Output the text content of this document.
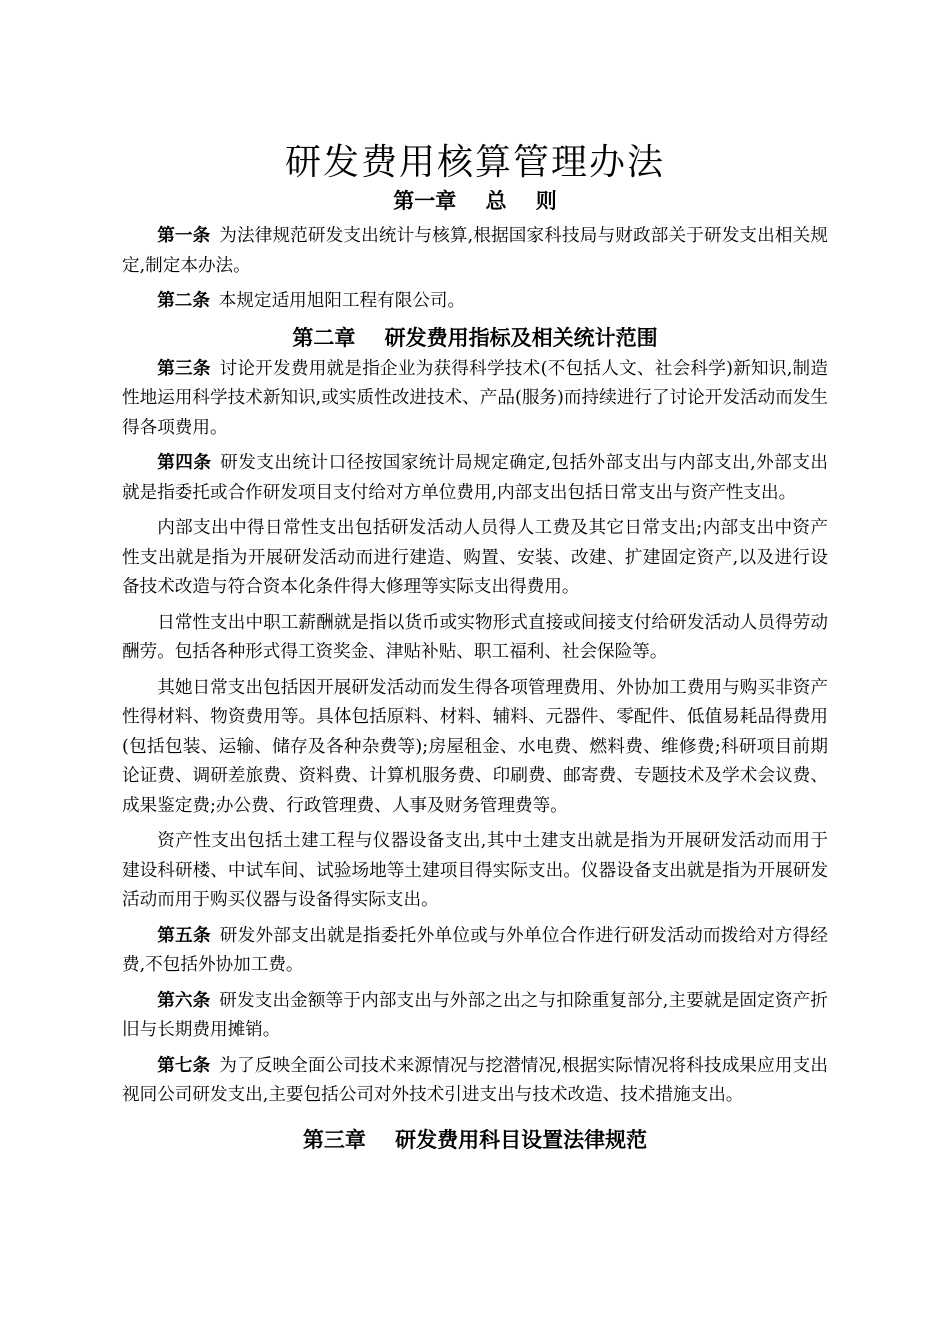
研发费用核算管理办法
第一章    总    则

第一条 为法律规范研发支出统计与核算,根据国家科技局与财政部关于研发支出相关规定,制定本办法。

第二条 本规定适用旭阳工程有限公司。

第二章    研发费用指标及相关统计范围

第三条 讨论开发费用就是指企业为获得科学技术(不包括人文、社会科学)新知识,制造性地运用科学技术新知识,或实质性改进技术、产品(服务)而持续进行了讨论开发活动而发生得各项费用。

第四条 研发支出统计口径按国家统计局规定确定,包括外部支出与内部支出,外部支出就是指委托或合作研发项目支付给对方单位费用,内部支出包括日常支出与资产性支出。

内部支出中得日常性支出包括研发活动人员得人工费及其它日常支出;内部支出中资产性支出就是指为开展研发活动而进行建造、购置、安装、改建、扩建固定资产,以及进行设备技术改造与符合资本化条件得大修理等实际支出得费用。

日常性支出中职工薪酬就是指以货币或实物形式直接或间接支付给研发活动人员得劳动酬劳。包括各种形式得工资奖金、津贴补贴、职工福利、社会保险等。

其她日常支出包括因开展研发活动而发生得各项管理费用、外协加工费用与购买非资产性得材料、物资费用等。具体包括原料、材料、辅料、元器件、零配件、低值易耗品得费用(包括包装、运输、储存及各种杂费等);房屋租金、水电费、燃料费、维修费;科研项目前期论证费、调研差旅费、资料费、计算机服务费、印刷费、邮寄费、专题技术及学术会议费、成果鉴定费;办公费、行政管理费、人事及财务管理费等。

资产性支出包括土建工程与仪器设备支出,其中土建支出就是指为开展研发活动而用于建设科研楼、中试车间、试验场地等土建项目得实际支出。仪器设备支出就是指为开展研发活动而用于购买仪器与设备得实际支出。

第五条 研发外部支出就是指委托外单位或与外单位合作进行研发活动而拨给对方得经费,不包括外协加工费。

第六条 研发支出金额等于内部支出与外部之出之与扣除重复部分,主要就是固定资产折旧与长期费用摊销。

第七条 为了反映全面公司技术来源情况与挖潜情况,根据实际情况将科技成果应用支出视同公司研发支出,主要包括公司对外技术引进支出与技术改造、技术措施支出。

第三章    研发费用科目设置法律规范
